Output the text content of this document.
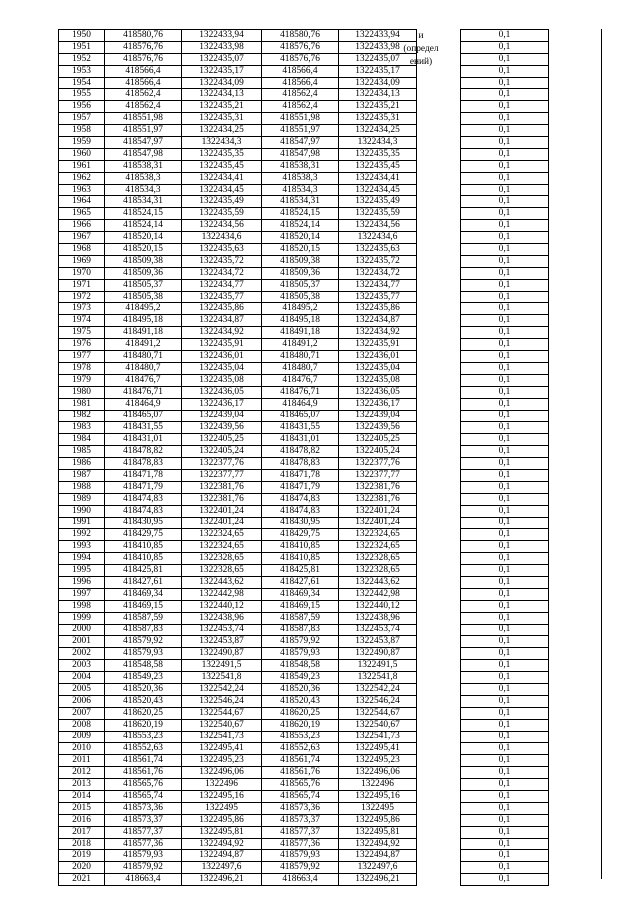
1950	418580,76	1322433,94	418580,76	1322433,94		0,1
1951	418576,76	1322433,98	418576,76	1322433,98		0,1
1952	418576,76	1322435,07	418576,76	1322435,07		0,1
1953	418566,4	1322435,17	418566,4	1322435,17		0,1
1954	418566,4	1322434,09	418566,4	1322434,09		0,1
1955	418562,4	1322434,13	418562,4	1322434,13		0,1
1956	418562,4	1322435,21	418562,4	1322435,21		0,1
1957	418551,98	1322435,31	418551,98	1322435,31		0,1
1958	418551,97	1322434,25	418551,97	1322434,25		0,1
1959	418547,97	1322434,3	418547,97	1322434,3		0,1
1960	418547,98	1322435,35	418547,98	1322435,35		0,1
1961	418538,31	1322435,45	418538,31	1322435,45		0,1
1962	418538,3	1322434,41	418538,3	1322434,41		0,1
1963	418534,3	1322434,45	418534,3	1322434,45		0,1
1964	418534,31	1322435,49	418534,31	1322435,49		0,1
1965	418524,15	1322435,59	418524,15	1322435,59		0,1
1966	418524,14	1322434,56	418524,14	1322434,56		0,1
1967	418520,14	1322434,6	418520,14	1322434,6		0,1
1968	418520,15	1322435,63	418520,15	1322435,63		0,1
1969	418509,38	1322435,72	418509,38	1322435,72		0,1
1970	418509,36	1322434,72	418509,36	1322434,72		0,1
1971	418505,37	1322434,77	418505,37	1322434,77		0,1
1972	418505,38	1322435,77	418505,38	1322435,77		0,1
1973	418495,2	1322435,86	418495,2	1322435,86		0,1
1974	418495,18	1322434,87	418495,18	1322434,87		0,1
1975	418491,18	1322434,92	418491,18	1322434,92		0,1
1976	418491,2	1322435,91	418491,2	1322435,91		0,1
1977	418480,71	1322436,01	418480,71	1322436,01		0,1
1978	418480,7	1322435,04	418480,7	1322435,04		0,1
1979	418476,7	1322435,08	418476,7	1322435,08		0,1
1980	418476,71	1322436,05	418476,71	1322436,05		0,1
1981	418464,9	1322436,17	418464,9	1322436,17		0,1
1982	418465,07	1322439,04	418465,07	1322439,04		0,1
1983	418431,55	1322439,56	418431,55	1322439,56		0,1
1984	418431,01	1322405,25	418431,01	1322405,25		0,1
1985	418478,82	1322405,24	418478,82	1322405,24		0,1
1986	418478,83	1322377,76	418478,83	1322377,76		0,1
1987	418471,78	1322377,77	418471,78	1322377,77		0,1
1988	418471,79	1322381,76	418471,79	1322381,76		0,1
1989	418474,83	1322381,76	418474,83	1322381,76		0,1
1990	418474,83	1322401,24	418474,83	1322401,24		0,1
1991	418430,95	1322401,24	418430,95	1322401,24		0,1
1992	418429,75	1322324,65	418429,75	1322324,65		0,1
1993	418410,85	1322324,65	418410,85	1322324,65		0,1
1994	418410,85	1322328,65	418410,85	1322328,65		0,1
1995	418425,81	1322328,65	418425,81	1322328,65		0,1
1996	418427,61	1322443,62	418427,61	1322443,62		0,1
1997	418469,34	1322442,98	418469,34	1322442,98		0,1
1998	418469,15	1322440,12	418469,15	1322440,12		0,1
1999	418587,59	1322438,96	418587,59	1322438,96		0,1
2000	418587,83	1322453,74	418587,83	1322453,74		0,1
2001	418579,92	1322453,87	418579,92	1322453,87		0,1
2002	418579,93	1322490,87	418579,93	1322490,87		0,1
2003	418548,58	1322491,5	418548,58	1322491,5		0,1
2004	418549,23	1322541,8	418549,23	1322541,8		0,1
2005	418520,36	1322542,24	418520,36	1322542,24		0,1
2006	418520,43	1322546,24	418520,43	1322546,24		0,1
2007	418620,25	1322544,67	418620,25	1322544,67		0,1
2008	418620,19	1322540,67	418620,19	1322540,67		0,1
2009	418553,23	1322541,73	418553,23	1322541,73		0,1
2010	418552,63	1322495,41	418552,63	1322495,41		0,1
2011	418561,74	1322495,23	418561,74	1322495,23		0,1
2012	418561,76	1322496,06	418561,76	1322496,06		0,1
2013	418565,76	1322496	418565,76	1322496		0,1
2014	418565,74	1322495,16	418565,74	1322495,16		0,1
2015	418573,36	1322495	418573,36	1322495		0,1
2016	418573,37	1322495,86	418573,37	1322495,86		0,1
2017	418577,37	1322495,81	418577,37	1322495,81		0,1
2018	418577,36	1322494,92	418577,36	1322494,92		0,1
2019	418579,93	1322494,87	418579,93	1322494,87		0,1
2020	418579,92	1322497,6	418579,92	1322497,6		0,1
2021	418663,4	1322496,21	418663,4	1322496,21		0,1
и
(определ
ений)
